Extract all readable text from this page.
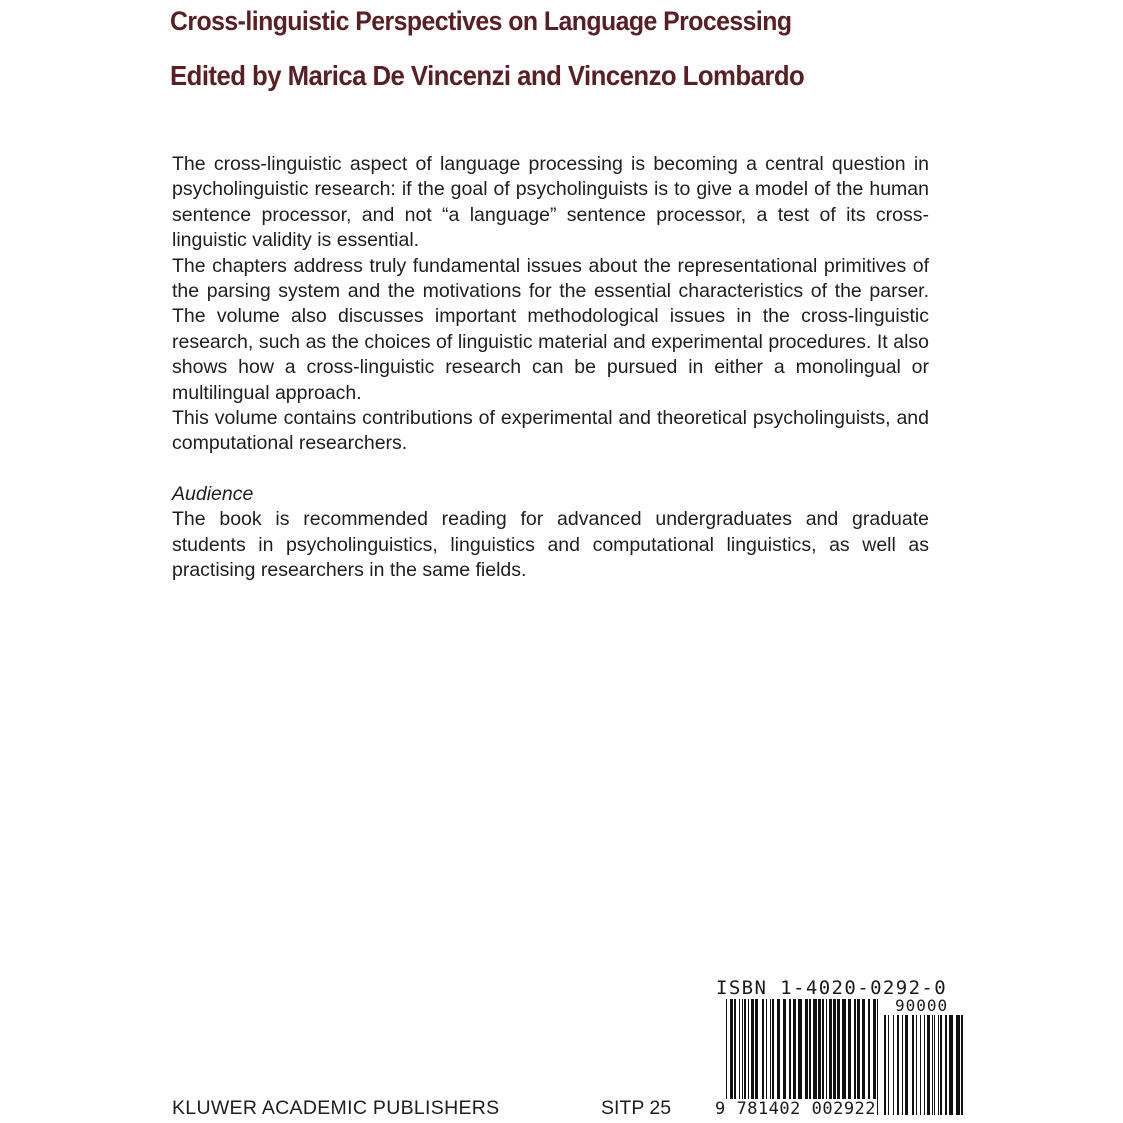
Cross-linguistic Perspectives on Language Processing
Edited by Marica De Vincenzi and Vincenzo Lombardo

The cross-linguistic aspect of language processing is becoming a central question in psycholinguistic research: if the goal of psycholinguists is to give a model of the human sentence processor, and not “a language” sentence processor, a test of its cross-linguistic validity is essential.

The chapters address truly fundamental issues about the representational primitives of the parsing system and the motivations for the essential characteristics of the parser. The volume also discusses important methodological issues in the cross-linguistic research, such as the choices of linguistic material and experimental procedures. It also shows how a cross-linguistic research can be pursued in either a monolingual or multilingual approach.

This volume contains contributions of experimental and theoretical psycholinguists, and computational researchers.

Audience

The book is recommended reading for advanced undergraduates and graduate students in psycholinguistics, linguistics and computational linguistics, as well as practising researchers in the same fields.

ISBN 1-4020-0292-0
90000
9 781402 002922
KLUWER ACADEMIC PUBLISHERS	SITP 25
